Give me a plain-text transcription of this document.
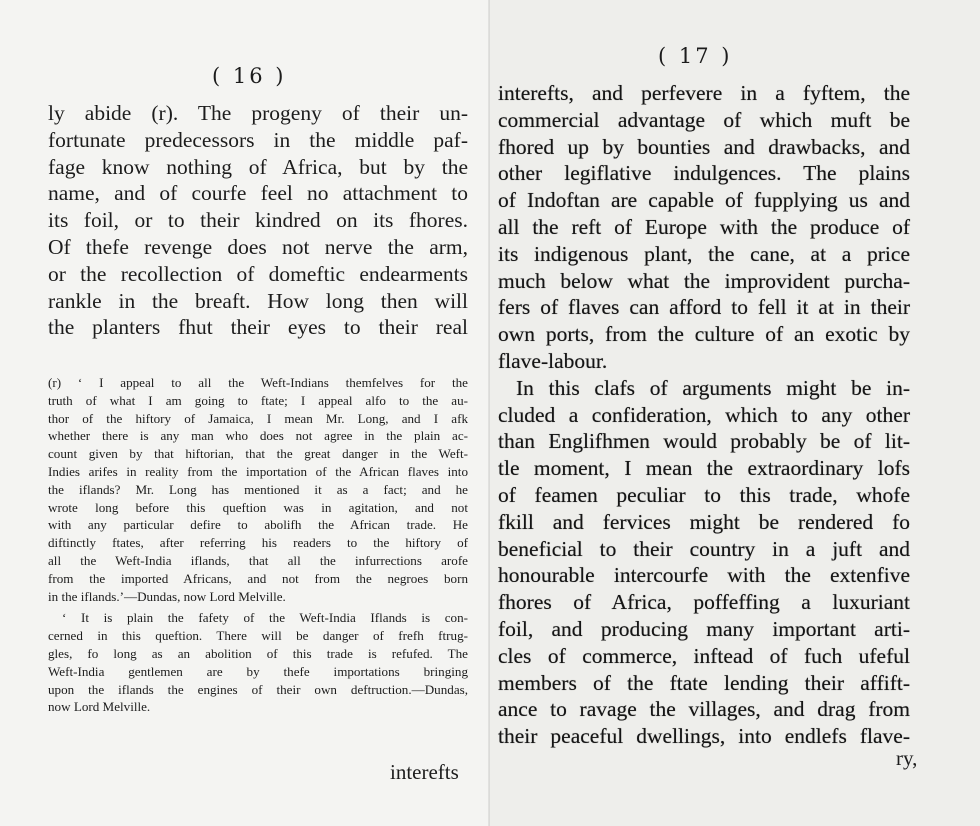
( 16 )
ly abide (r). The progeny of their un-
fortunate predecessors in the middle paf-
fage know nothing of Africa, but by the
name, and of courfe feel no attachment to
its foil, or to their kindred on its fhores.
Of thefe revenge does not nerve the arm,
or the recollection of domeftic endearments
rankle in the breaft. How long then will
the planters fhut their eyes to their real
(r) ‘ I appeal to all the Weft-Indians themfelves for the
truth of what I am going to ftate; I appeal alfo to the au-
thor of the hiftory of Jamaica, I mean Mr. Long, and I afk
whether there is any man who does not agree in the plain ac-
count given by that hiftorian, that the great danger in the Weft-
Indies arifes in reality from the importation of the African flaves into
the iflands? Mr. Long has mentioned it as a fact; and he
wrote long before this queftion was in agitation, and not
with any particular defire to abolifh the African trade. He
diftinctly ftates, after referring his readers to the hiftory of
all the Weft-India iflands, that all the infurrections arofe
from the imported Africans, and not from the negroes born
in the iflands.’—Dundas, now Lord Melville.
‘ It is plain the fafety of the Weft-India Iflands is con-
cerned in this queftion. There will be danger of frefh ftrug-
gles, fo long as an abolition of this trade is refufed. The
Weft-India gentlemen are by thefe importations bringing
upon the iflands the engines of their own deftruction.—Dundas,
now Lord Melville.
interefts
( 17 )
interefts, and perfevere in a fyftem, the
commercial advantage of which muft be
fhored up by bounties and drawbacks, and
other legiflative indulgences. The plains
of Indoftan are capable of fupplying us and
all the reft of Europe with the produce of
its indigenous plant, the cane, at a price
much below what the improvident purcha-
fers of flaves can afford to fell it at in their
own ports, from the culture of an exotic by
flave-labour.
In this clafs of arguments might be in-
cluded a confideration, which to any other
than Englifhmen would probably be of lit-
tle moment, I mean the extraordinary lofs
of feamen peculiar to this trade, whofe
fkill and fervices might be rendered fo
beneficial to their country in a juft and
honourable intercourfe with the extenfive
fhores of Africa, poffeffing a luxuriant
foil, and producing many important arti-
cles of commerce, inftead of fuch ufeful
members of the ftate lending their affift-
ance to ravage the villages, and drag from
their peaceful dwellings, into endlefs flave-
ry,
